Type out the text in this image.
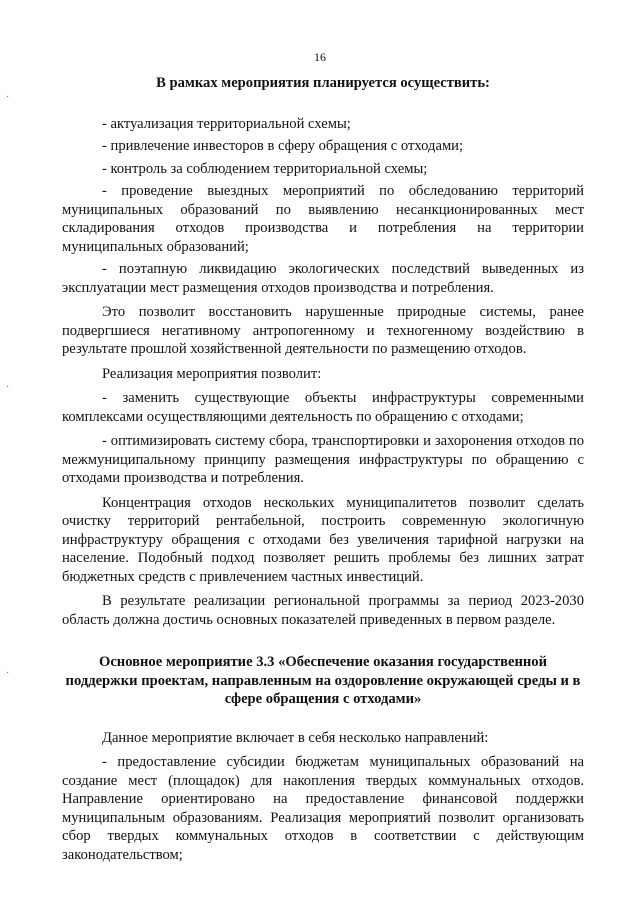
16
·
·
·
В рамках мероприятия планируется осуществить:

- актуализация территориальной схемы;

- привлечение инвесторов в сферу обращения с отходами;

- контроль за соблюдением территориальной схемы;

- проведение выездных мероприятий по обследованию территорий муниципальных образований по выявлению несанкционированных мест складирования отходов производства и потребления на территории муниципальных образований;

- поэтапную ликвидацию экологических последствий выведенных из эксплуатации мест размещения отходов производства и потребления.

Это позволит восстановить нарушенные природные системы, ранее подвергшиеся негативному антропогенному и техногенному воздействию в результате прошлой хозяйственной деятельности по размещению отходов.

Реализация мероприятия позволит:

- заменить существующие объекты инфраструктуры современными комплексами осуществляющими деятельность по обращению с отходами;

- оптимизировать систему сбора, транспортировки и захоронения отходов по межмуниципальному принципу размещения инфраструктуры по обращению с отходами производства и потребления.

Концентрация отходов нескольких муниципалитетов позволит сделать очистку территорий рентабельной, построить современную экологичную инфраструктуру обращения с отходами без увеличения тарифной нагрузки на население. Подобный подход позволяет решить проблемы без лишних затрат бюджетных средств с привлечением частных инвестиций.

В результате реализации региональной программы за период 2023-2030 область должна достичь основных показателей приведенных в первом разделе.

Основное мероприятие 3.3 «Обеспечение оказания государственной поддержки проектам, направленным на оздоровление окружающей среды и в сфере обращения с отходами»

Данное мероприятие включает в себя несколько направлений:

- предоставление субсидии бюджетам муниципальных образований на создание мест (площадок) для накопления твердых коммунальных отходов. Направление ориентировано на предоставление финансовой поддержки муниципальным образованиям. Реализация мероприятий позволит организовать сбор твердых коммунальных отходов в соответствии с действующим законодательством;
